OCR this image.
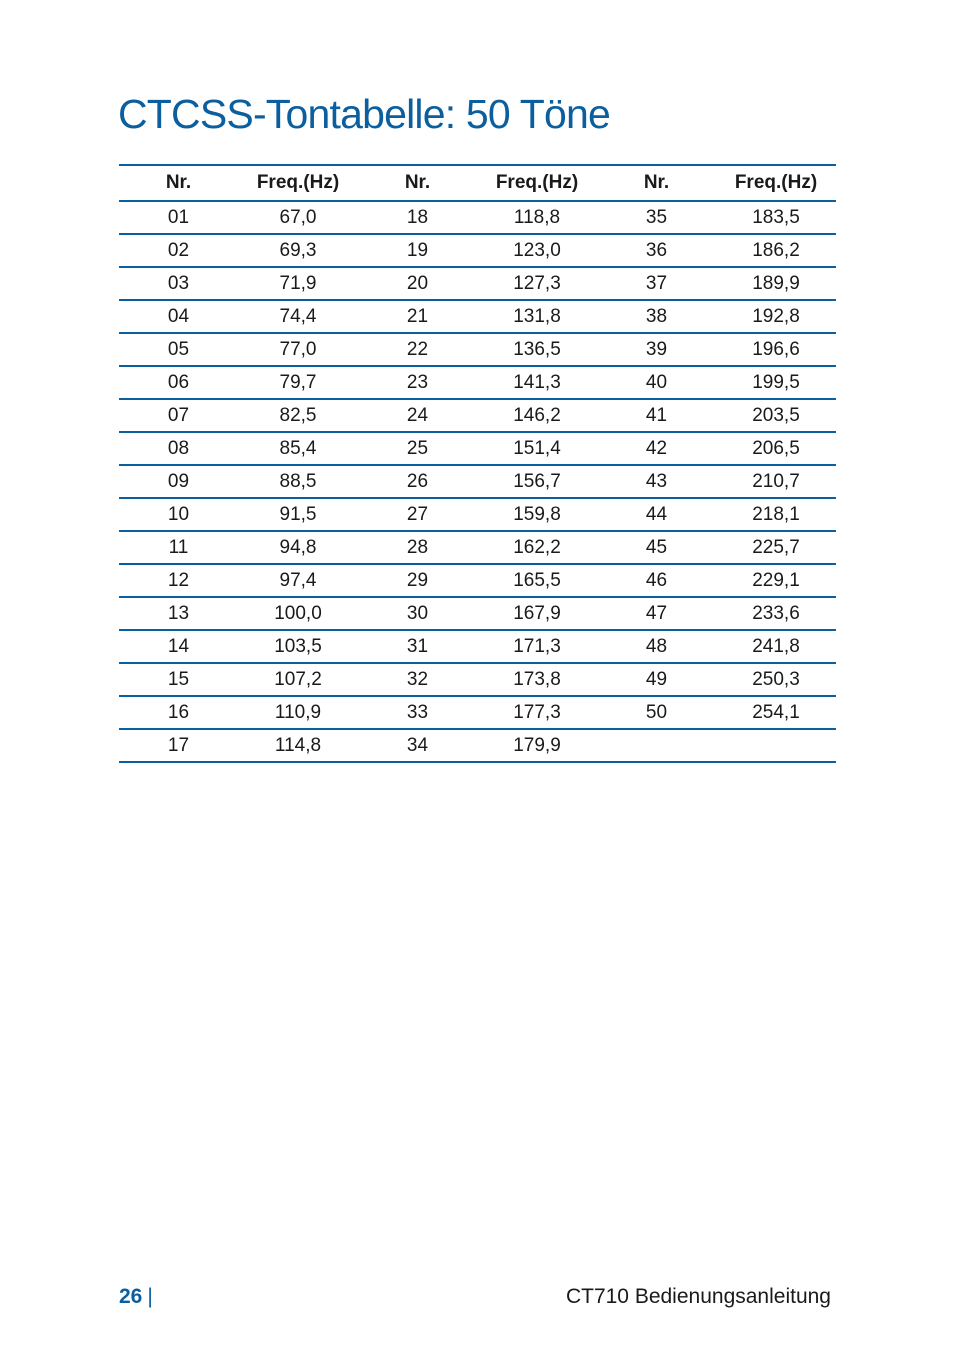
CTCSS-Tontabelle: 50 Töne
Nr.	Freq.(Hz)	Nr.	Freq.(Hz)	Nr.	Freq.(Hz)
01	67,0	18	118,8	35	183,5
02	69,3	19	123,0	36	186,2
03	71,9	20	127,3	37	189,9
04	74,4	21	131,8	38	192,8
05	77,0	22	136,5	39	196,6
06	79,7	23	141,3	40	199,5
07	82,5	24	146,2	41	203,5
08	85,4	25	151,4	42	206,5
09	88,5	26	156,7	43	210,7
10	91,5	27	159,8	44	218,1
11	94,8	28	162,2	45	225,7
12	97,4	29	165,5	46	229,1
13	100,0	30	167,9	47	233,6
14	103,5	31	171,3	48	241,8
15	107,2	32	173,8	49	250,3
16	110,9	33	177,3	50	254,1
17	114,8	34	179,9		
26 |	CT710 Bedienungsanleitung
